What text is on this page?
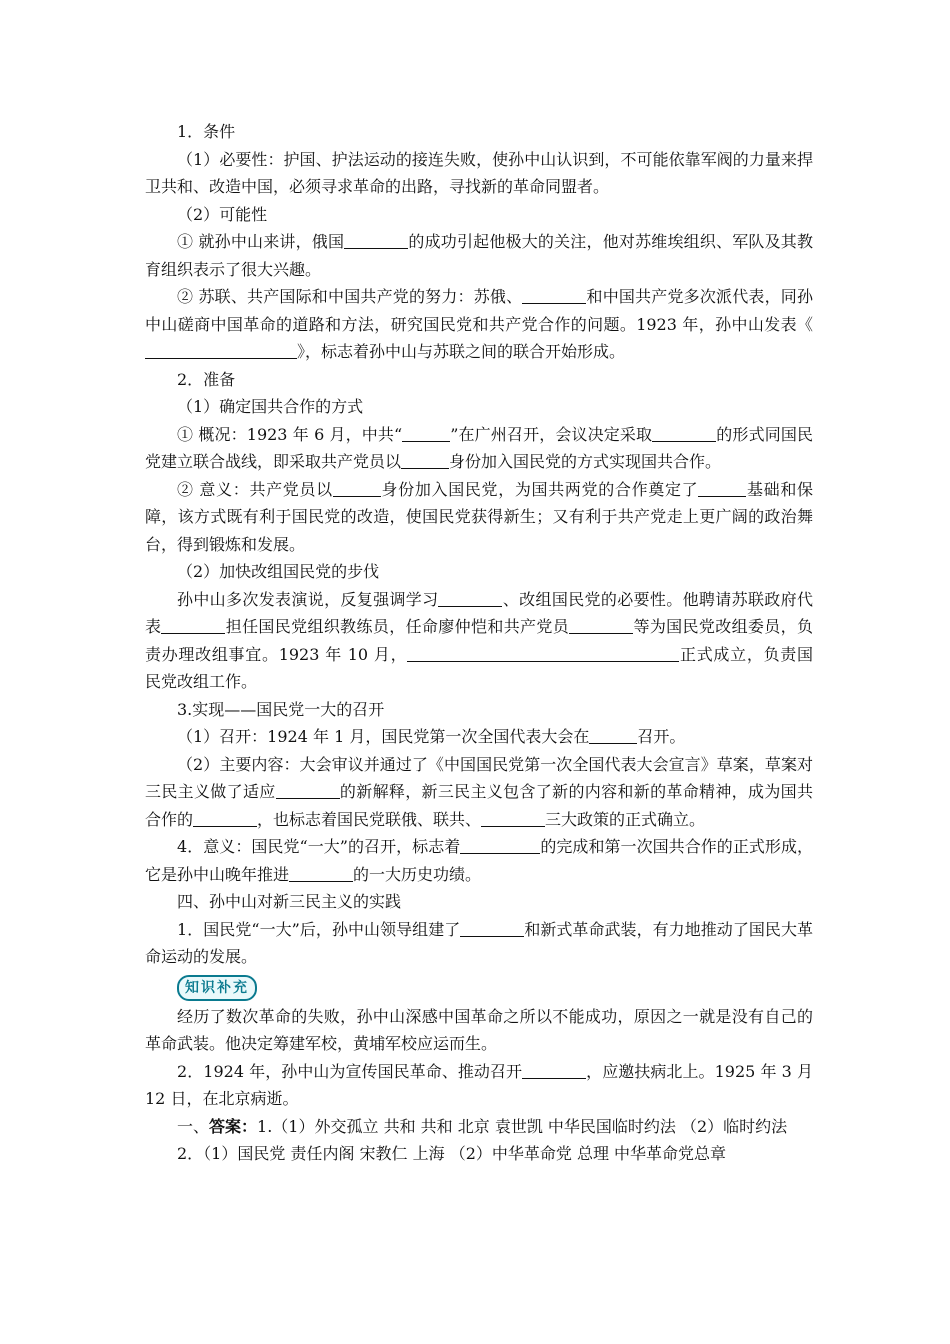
1．条件

（1）必要性：护国、护法运动的接连失败，使孙中山认识到，不可能依靠军阀的力量来捍卫共和、改造中国，必须寻求革命的出路，寻找新的革命同盟者。

（2）可能性

① 就孙中山来讲，俄国	的成功引起他极大的关注，他对苏维埃组织、军队及其教育组织表示了很大兴趣。

② 苏联、共产国际和中国共产党的努力：苏俄、	和中国共产党多次派代表，同孙中山磋商中国革命的道路和方法，研究国民党和共产党合作的问题。1923 年，孙中山发表《》，标志着孙中山与苏联之间的联合开始形成。

2．准备

（1）确定国共合作的方式

① 概况：1923 年 6 月，中共“	”在广州召开，会议决定采取	的形式同国民党建立联合战线，即采取共产党员以	身份加入国民党的方式实现国共合作。

② 意义：共产党员以	身份加入国民党，为国共两党的合作奠定了	基础和保障，该方式既有利于国民党的改造，使国民党获得新生；又有利于共产党走上更广阔的政治舞台，得到锻炼和发展。

（2）加快改组国民党的步伐

孙中山多次发表演说，反复强调学习	、改组国民党的必要性。他聘请苏联政府代表	担任国民党组织教练员，任命廖仲恺和共产党员	等为国民党改组委员，负责办理改组事宜。1923 年 10 月，	正式成立，负责国民党改组工作。

3.实现——国民党一大的召开

（1）召开：1924 年 1 月，国民党第一次全国代表大会在	召开。

（2）主要内容：大会审议并通过了《中国国民党第一次全国代表大会宣言》草案，草案对三民主义做了适应	的新解释，新三民主义包含了新的内容和新的革命精神，成为国共合作的	，也标志着国民党联俄、联共、	三大政策的正式确立。

4．意义：国民党“一大”的召开，标志着	的完成和第一次国共合作的正式形成，它是孙中山晚年推进	的一大历史功绩。

四、孙中山对新三民主义的实践

1．国民党“一大”后，孙中山领导组建了	和新式革命武装，有力地推动了国民大革命运动的发展。

知识补充

经历了数次革命的失败，孙中山深感中国革命之所以不能成功，原因之一就是没有自己的革命武装。他决定筹建军校，黄埔军校应运而生。

2．1924 年，孙中山为宣传国民革命、推动召开	，应邀扶病北上。1925 年 3 月 12 日，在北京病逝。

一、答案：1.（1）外交孤立 共和 共和 北京 袁世凯 中华民国临时约法 （2）临时约法

2．（1）国民党 责任内阁 宋教仁 上海 （2）中华革命党 总理 中华革命党总章
